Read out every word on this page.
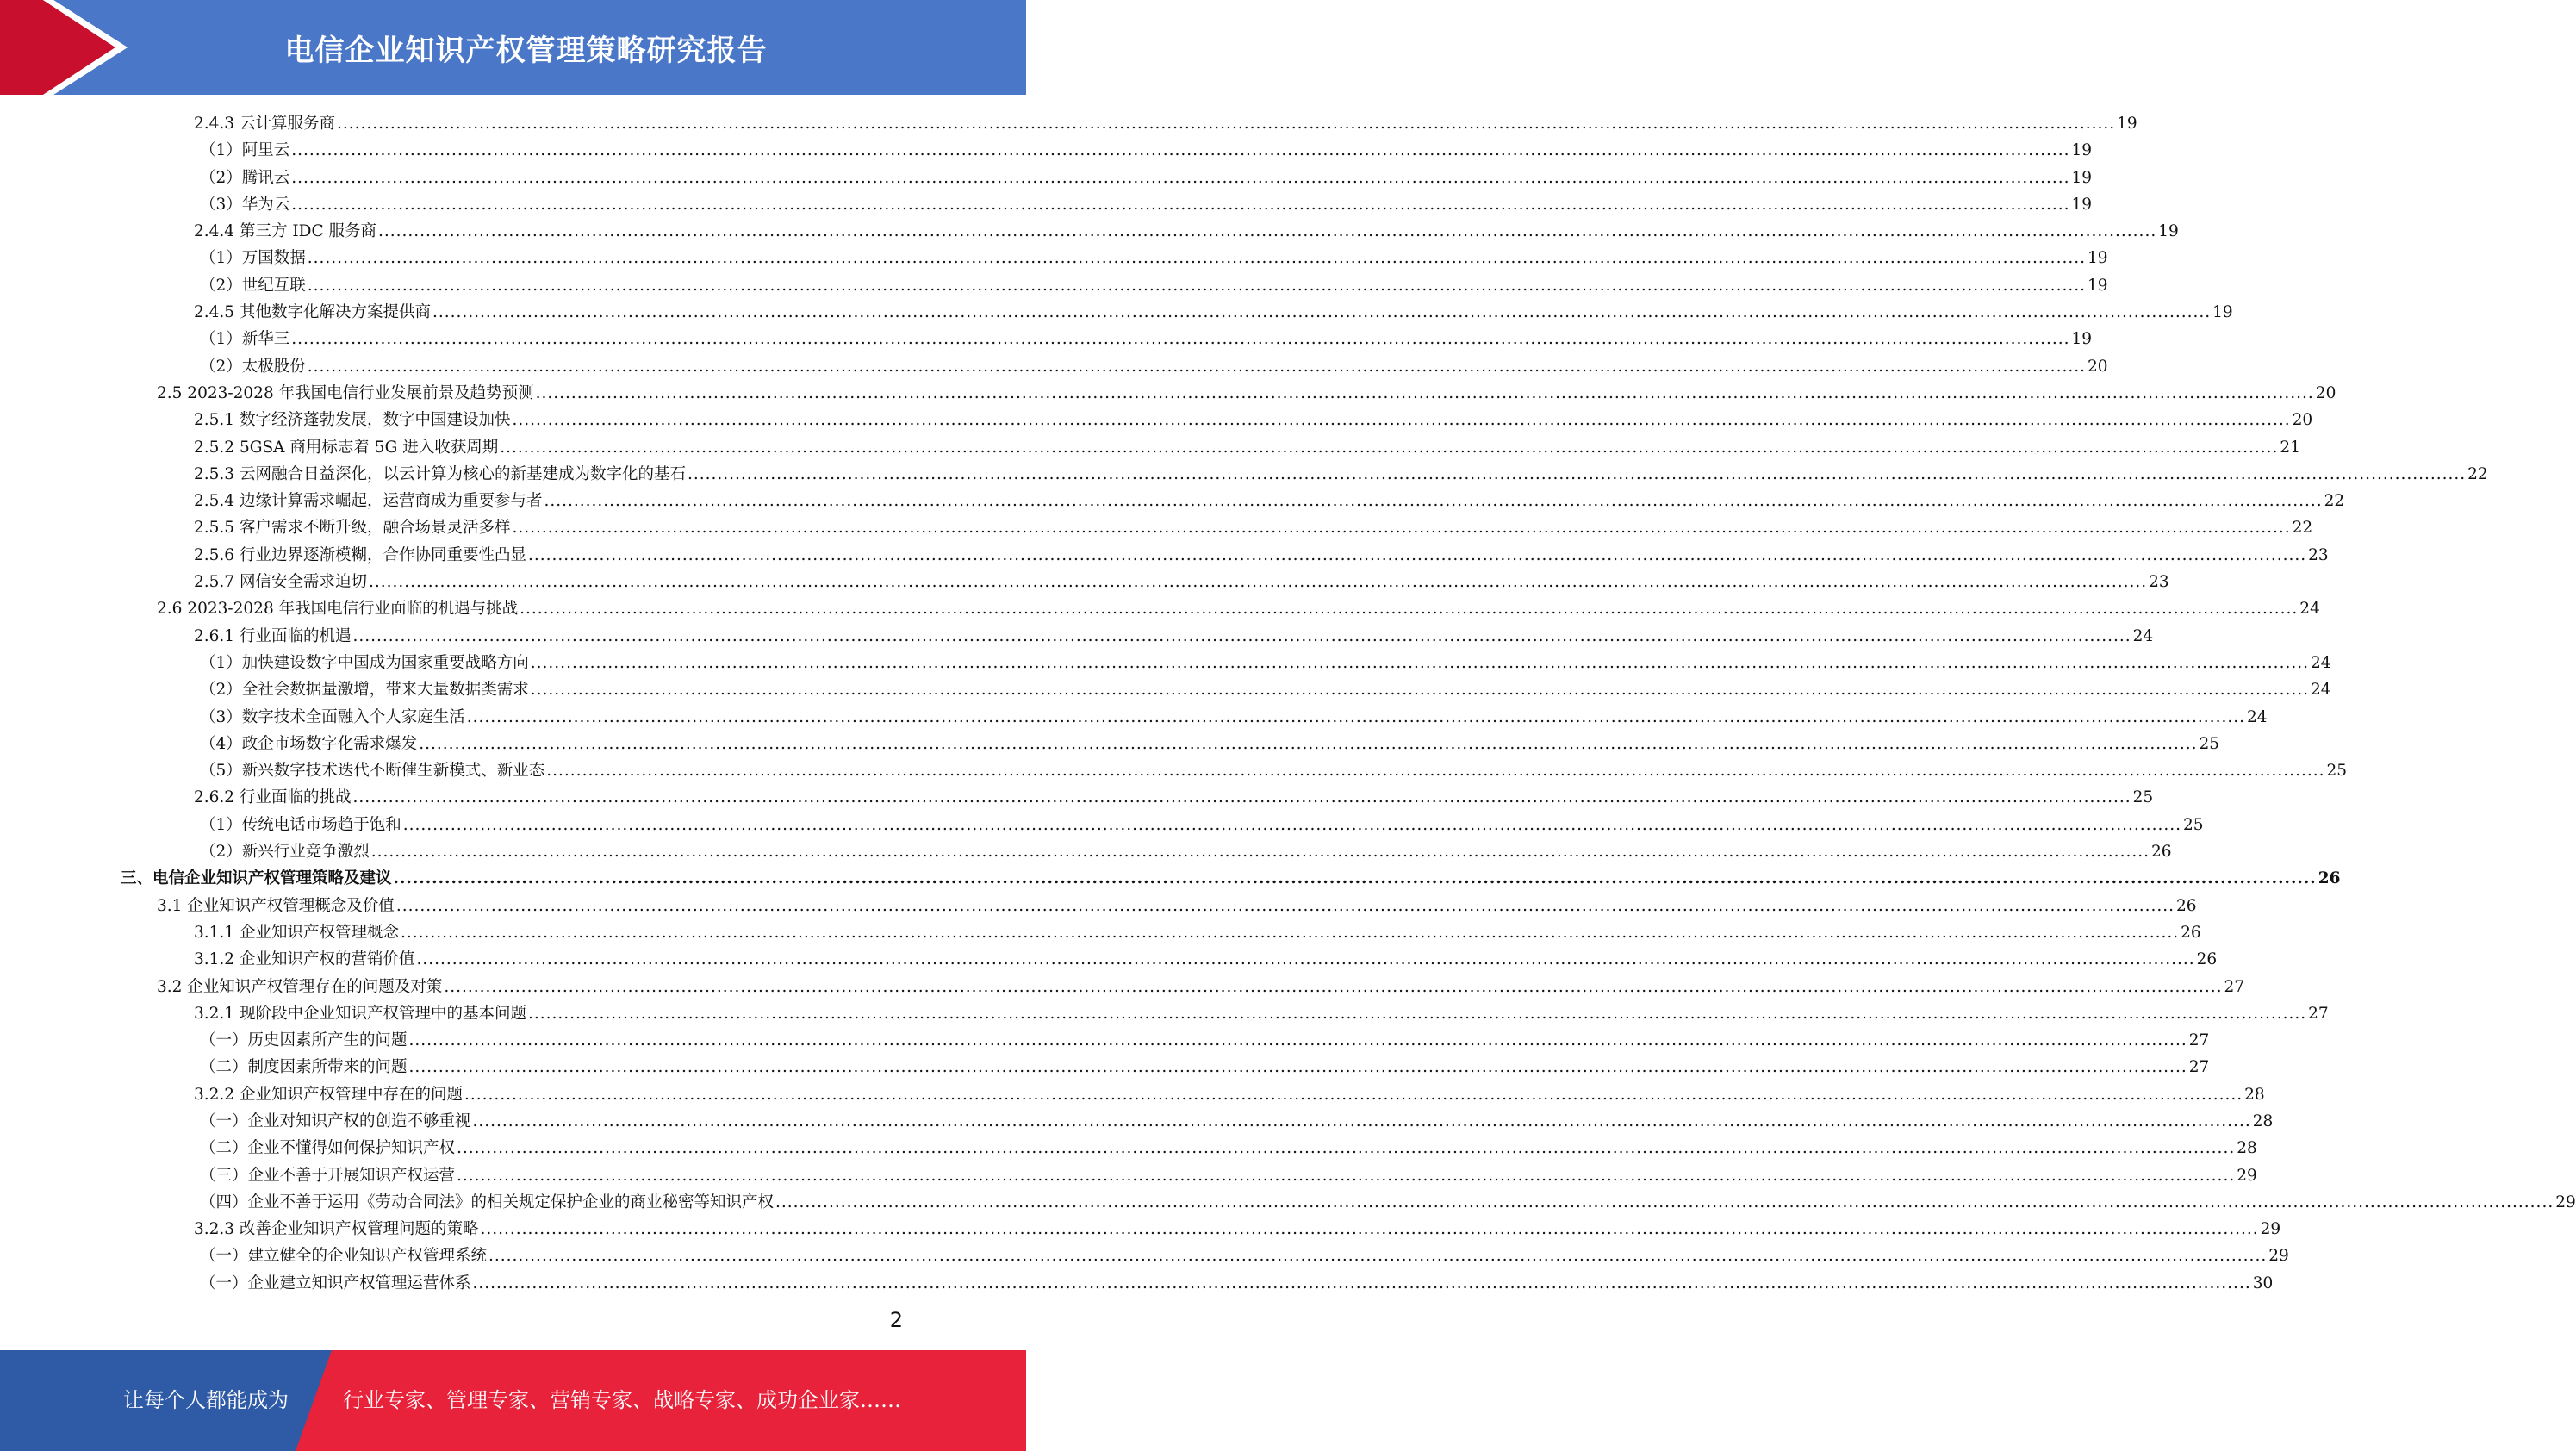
电信企业知识产权管理策略研究报告
2.4.3 云计算服务商 ............................................................................................................................................................................................................................................................................................................ 19
（1）阿里云 ............................................................................................................................................................................................................................................................................................................ 19
（2）腾讯云 ............................................................................................................................................................................................................................................................................................................ 19
（3）华为云 ............................................................................................................................................................................................................................................................................................................ 19
2.4.4 第三方 IDC 服务商 ............................................................................................................................................................................................................................................................................................................ 19
（1）万国数据 ............................................................................................................................................................................................................................................................................................................ 19
（2）世纪互联 ............................................................................................................................................................................................................................................................................................................ 19
2.4.5 其他数字化解决方案提供商 ............................................................................................................................................................................................................................................................................................................ 19
（1）新华三 ............................................................................................................................................................................................................................................................................................................ 19
（2）太极股份 ............................................................................................................................................................................................................................................................................................................ 20
2.5 2023-2028 年我国电信行业发展前景及趋势预测 ............................................................................................................................................................................................................................................................................................................ 20
2.5.1 数字经济蓬勃发展，数字中国建设加快 ............................................................................................................................................................................................................................................................................................................ 20
2.5.2 5GSA 商用标志着 5G 进入收获周期 ............................................................................................................................................................................................................................................................................................................ 21
2.5.3 云网融合日益深化，以云计算为核心的新基建成为数字化的基石 ............................................................................................................................................................................................................................................................................................................ 22
2.5.4 边缘计算需求崛起，运营商成为重要参与者 ............................................................................................................................................................................................................................................................................................................ 22
2.5.5 客户需求不断升级，融合场景灵活多样 ............................................................................................................................................................................................................................................................................................................ 22
2.5.6 行业边界逐渐模糊，合作协同重要性凸显 ............................................................................................................................................................................................................................................................................................................ 23
2.5.7 网信安全需求迫切 ............................................................................................................................................................................................................................................................................................................ 23
2.6 2023-2028 年我国电信行业面临的机遇与挑战 ............................................................................................................................................................................................................................................................................................................ 24
2.6.1 行业面临的机遇 ............................................................................................................................................................................................................................................................................................................ 24
（1）加快建设数字中国成为国家重要战略方向 ............................................................................................................................................................................................................................................................................................................ 24
（2）全社会数据量激增，带来大量数据类需求 ............................................................................................................................................................................................................................................................................................................ 24
（3）数字技术全面融入个人家庭生活 ............................................................................................................................................................................................................................................................................................................ 24
（4）政企市场数字化需求爆发 ............................................................................................................................................................................................................................................................................................................ 25
（5）新兴数字技术迭代不断催生新模式、新业态 ............................................................................................................................................................................................................................................................................................................ 25
2.6.2 行业面临的挑战 ............................................................................................................................................................................................................................................................................................................ 25
（1）传统电话市场趋于饱和 ............................................................................................................................................................................................................................................................................................................ 25
（2）新兴行业竞争激烈 ............................................................................................................................................................................................................................................................................................................ 26
三、电信企业知识产权管理策略及建议 ............................................................................................................................................................................................................................................................................................................ 26
3.1 企业知识产权管理概念及价值 ............................................................................................................................................................................................................................................................................................................ 26
3.1.1 企业知识产权管理概念 ............................................................................................................................................................................................................................................................................................................ 26
3.1.2 企业知识产权的营销价值 ............................................................................................................................................................................................................................................................................................................ 26
3.2 企业知识产权管理存在的问题及对策 ............................................................................................................................................................................................................................................................................................................ 27
3.2.1 现阶段中企业知识产权管理中的基本问题 ............................................................................................................................................................................................................................................................................................................ 27
（一）历史因素所产生的问题 ............................................................................................................................................................................................................................................................................................................ 27
（二）制度因素所带来的问题 ............................................................................................................................................................................................................................................................................................................ 27
3.2.2 企业知识产权管理中存在的问题 ............................................................................................................................................................................................................................................................................................................ 28
（一）企业对知识产权的创造不够重视 ............................................................................................................................................................................................................................................................................................................ 28
（二）企业不懂得如何保护知识产权 ............................................................................................................................................................................................................................................................................................................ 28
（三）企业不善于开展知识产权运营 ............................................................................................................................................................................................................................................................................................................ 29
（四）企业不善于运用《劳动合同法》的相关规定保护企业的商业秘密等知识产权 ............................................................................................................................................................................................................................................................................................................ 29
3.2.3 改善企业知识产权管理问题的策略 ............................................................................................................................................................................................................................................................................................................ 29
（一）建立健全的企业知识产权管理系统 ............................................................................................................................................................................................................................................................................................................ 29
（一）企业建立知识产权管理运营体系 ............................................................................................................................................................................................................................................................................................................ 30
2
让每个人都能成为	行业专家、管理专家、营销专家、战略专家、成功企业家……
